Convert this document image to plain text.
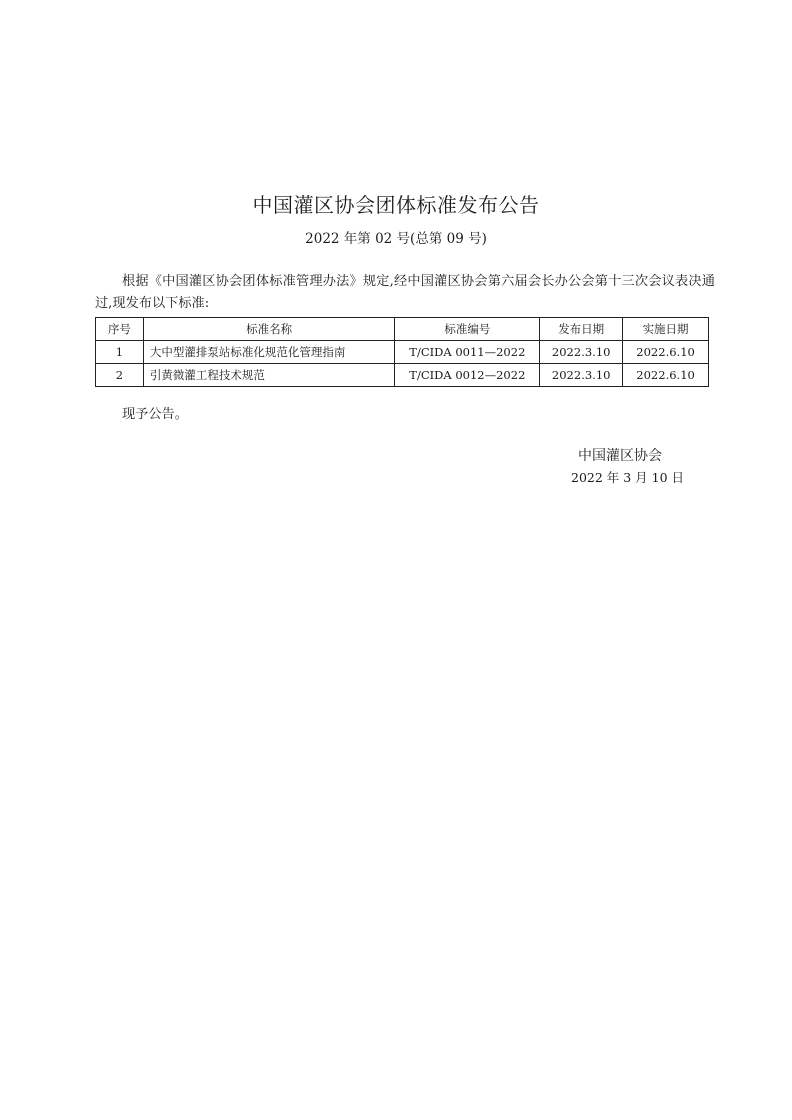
中国灌区协会团体标准发布公告
2022 年第 02 号(总第 09 号)
根据《中国灌区协会团体标准管理办法》规定,经中国灌区协会第六届会长办公会第十三次会议表决通过,现发布以下标准:
序号	标准名称	标准编号	发布日期	实施日期
1	大中型灌排泵站标准化规范化管理指南	T/CIDA 0011—2022	2022.3.10	2022.6.10
2	引黄微灌工程技术规范	T/CIDA 0012—2022	2022.3.10	2022.6.10
现予公告。
中国灌区协会
2022 年 3 月 10 日
